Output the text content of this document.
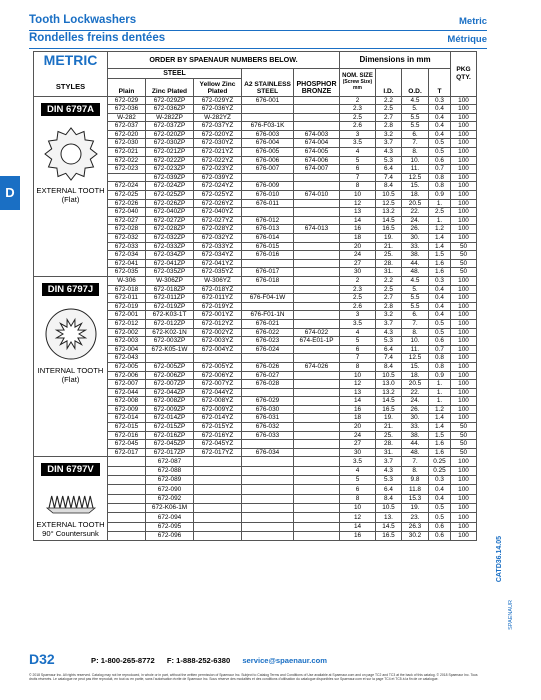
Tooth Lockwashers
Rondelles freins dentées
Metric
Métrique
D
METRIC	ORDER BY SPAENAUR NUMBERS BELOW.					Dimensions in mm				PKG QTY.
	STEEL			A2 STAINLESS STEEL	PHOSPHOR BRONZE	NOM. SIZE
(Screw Size) mm	I.D.	O.D.	T	
STYLES	Plain	Zinc Plated	Yellow Zinc Plated							
DIN 6797A
EXTERNAL TOOTH (Flat)	672-029	672-029ZP	672-029YZ	676-001		2	2.2	4.5	0.3	100
	672-036	672-036ZP	672-036YZ			2.3	2.5	5.	0.4	100
	W-282	W-282ZP	W-282YZ			2.5	2.7	5.5	0.4	100
	672-037	672-037ZP	672-037YZ	676-F03-1K		2.6	2.8	5.5	0.4	100
	672-020	672-020ZP	672-020YZ	676-003	674-003	3	3.2	6.	0.4	100
	672-030	672-030ZP	672-030YZ	676-004	674-004	3.5	3.7	7.	0.5	100
	672-021	672-021ZP	672-021YZ	676-005	674-005	4	4.3	8.	0.5	100
	672-022	672-022ZP	672-022YZ	676-006	674-006	5	5.3	10.	0.6	100
	672-023	672-023ZP	672-023YZ	676-007	674-007	6	6.4	11.	0.7	100
		672-039ZP	672-039YZ			7	7.4	12.5	0.8	100
	672-024	672-024ZP	672-024YZ	676-009		8	8.4	15.	0.8	100
	672-025	672-025ZP	672-025YZ	676-010	674-010	10	10.5	18.	0.9	100
	672-026	672-026ZP	672-026YZ	676-011		12	12.5	20.5	1.	100
	672-040	672-040ZP	672-040YZ			13	13.2	22.	2.5	100
	672-027	672-027ZP	672-027YZ	676-012		14	14.5	24.	1.	100
	672-028	672-028ZP	672-028YZ	676-013	674-013	16	16.5	26.	1.2	100
	672-032	672-032ZP	672-032YZ	676-014		18	19.	30.	1.4	100
	672-033	672-033ZP	672-033YZ	676-015		20	21.	33.	1.4	50
	672-034	672-034ZP	672-034YZ	676-016		24	25.	38.	1.5	50
	672-041	672-041ZP	672-041YZ			27	28.	44.	1.6	50
	672-035	672-035ZP	672-035YZ	676-017		30	31.	48.	1.6	50
DIN 6797J
INTERNAL TOOTH (Flat)	W-306	W-306ZP	W-306YZ	676-018		2	2.2	4.5	0.3	100
	672-018	672-018ZP	672-018YZ			2.3	2.5	5.	0.4	100
	672-011	672-011ZP	672-011YZ	676-F04-1W		2.5	2.7	5.5	0.4	100
	672-019	672-019ZP	672-019YZ			2.6	2.8	5.5	0.4	100
	672-001	672-K03-1T	672-001YZ	676-F01-1N		3	3.2	6.	0.4	100
	672-012	672-012ZP	672-012YZ	676-021		3.5	3.7	7.	0.5	100
	672-002	672-K02-1N	672-002YZ	676-022	674-022	4	4.3	8.	0.5	100
	672-003	672-003ZP	672-003YZ	676-023	674-E01-1P	5	5.3	10.	0.6	100
	672-004	672-K05-1W	672-004YZ	676-024		6	6.4	11.	0.7	100
	672-043					7	7.4	12.5	0.8	100
	672-005	672-005ZP	672-005YZ	676-026	674-026	8	8.4	15.	0.8	100
	672-006	672-006ZP	672-006YZ	676-027		10	10.5	18.	0.9	100
	672-007	672-007ZP	672-007YZ	676-028		12	13.0	20.5	1.	100
	672-044	672-044ZP	672-044YZ			13	13.2	22.	1.	100
	672-008	672-008ZP	672-008YZ	676-029		14	14.5	24.	1.	100
	672-009	672-009ZP	672-009YZ	676-030		16	16.5	26.	1.2	100
	672-014	672-014ZP	672-014YZ	676-031		18	19.	30.	1.4	100
	672-015	672-015ZP	672-015YZ	676-032		20	21.	33.	1.4	50
	672-016	672-016ZP	672-016YZ	676-033		24	25.	38.	1.5	50
	672-045	672-045ZP	672-045YZ			27	28.	44.	1.6	50
	672-017	672-017ZP	672-017YZ	676-034		30	31.	48.	1.6	50
DIN 6797V
EXTERNAL TOOTH 90° Countersunk		672-087				3.5	3.7	7.	0.25	100
		672-088				4	4.3	8.	0.25	100
		672-089				5	5.3	9.8	0.3	100
		672-090				6	6.4	11.8	0.4	100
		672-092				8	8.4	15.3	0.4	100
		672-K06-1M				10	10.5	19.	0.5	100
		672-094				12	13.	23.	0.5	100
		672-095				14	14.5	26.3	0.6	100
		672-096				16	16.5	30.2	0.6	100
CATD36.14.05
SPAENAUR
D32	P: 1-800-265-8772 F: 1-888-252-6380 service@spaenaur.com
© 2018 Spaenaur Inc. All rights reserved. Catalog may not be reproduced, in whole or in part, without the written permission of Spaenaur Inc. Subject to Catalog Terms and Conditions of Use available at Spaenaur.com and on page TC2 and TC3 at the back of this catalog. © 2018 Spaenaur Inc. Tous droits réservés. Le catalogue ne peut pas être reproduit, en tout ou en partie, sans l'autorisation écrite de Spaenaur Inc. Sous réserve des modalités et des conditions d'utilisation du catalogue disponibles sur Spaenaur.com et sur la page TC4 et TC5 à la fin de ce catalogue.
